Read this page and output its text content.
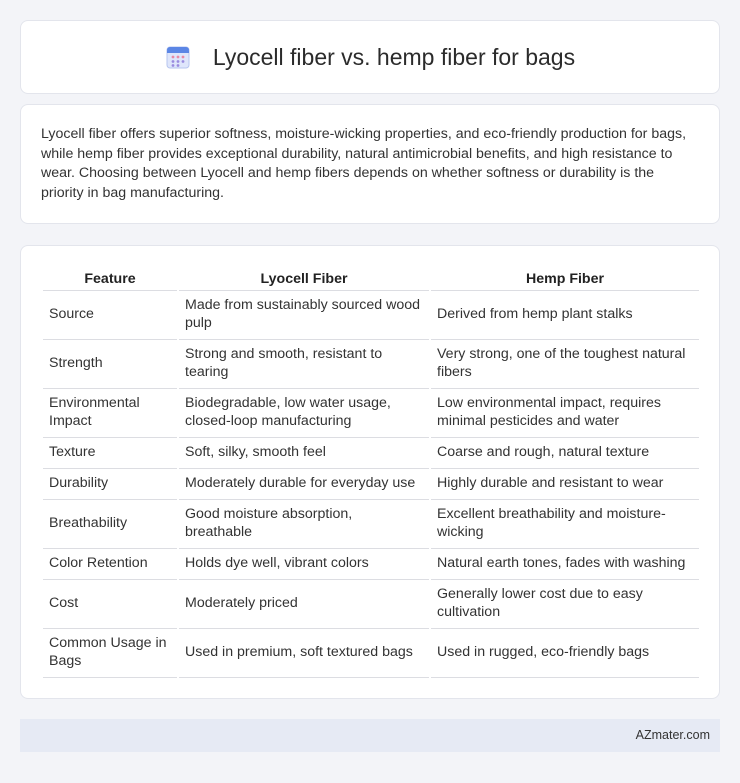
Lyocell fiber vs. hemp fiber for bags

Lyocell fiber offers superior softness, moisture-wicking properties, and eco-friendly production for bags, while hemp fiber provides exceptional durability, natural antimicrobial benefits, and high resistance to wear. Choosing between Lyocell and hemp fibers depends on whether softness or durability is the priority in bag manufacturing.

Feature	Lyocell Fiber	Hemp Fiber
Source	Made from sustainably sourced wood pulp	Derived from hemp plant stalks
Strength	Strong and smooth, resistant to tearing	Very strong, one of the toughest natural fibers
Environmental Impact	Biodegradable, low water usage, closed-loop manufacturing	Low environmental impact, requires minimal pesticides and water
Texture	Soft, silky, smooth feel	Coarse and rough, natural texture
Durability	Moderately durable for everyday use	Highly durable and resistant to wear
Breathability	Good moisture absorption, breathable	Excellent breathability and moisture-wicking
Color Retention	Holds dye well, vibrant colors	Natural earth tones, fades with washing
Cost	Moderately priced	Generally lower cost due to easy cultivation
Common Usage in Bags	Used in premium, soft textured bags	Used in rugged, eco-friendly bags
AZmater.com
